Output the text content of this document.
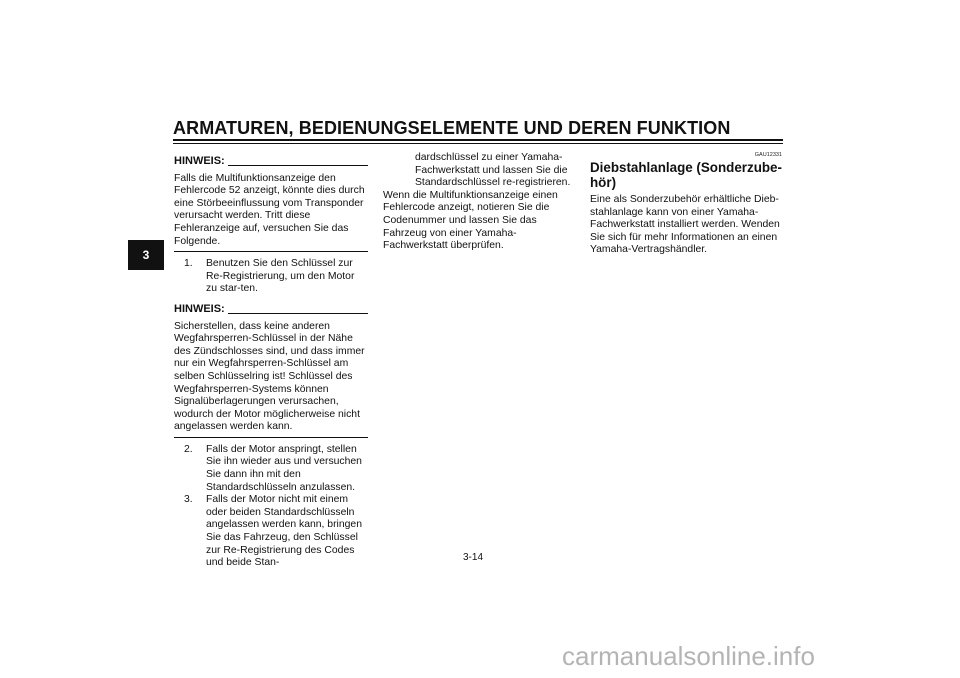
ARMATUREN, BEDIENUNGSELEMENTE UND DEREN FUNKTION
3
HINWEIS:

Falls die Multifunktionsanzeige den Fehlercode 52 anzeigt, könnte dies durch eine Störbeeinflussung vom Transponder verursacht werden. Tritt diese Fehleranzeige auf, versuchen Sie das Folgende.

1.	Benutzen Sie den Schlüssel zur Re-Registrierung, um den Motor zu star-ten.
HINWEIS:

Sicherstellen, dass keine anderen Wegfahrsperren-Schlüssel in der Nähe des Zündschlosses sind, und dass immer nur ein Wegfahrsperren-Schlüssel am selben Schlüsselring ist! Schlüssel des Wegfahrsperren-Systems können Signalüberlagerungen verursachen, wodurch der Motor möglicherweise nicht angelassen werden kann.

2.	Falls der Motor anspringt, stellen Sie ihn wieder aus und versuchen Sie dann ihn mit den Standardschlüsseln anzulassen.
3.	Falls der Motor nicht mit einem oder beiden Standardschlüsseln angelassen werden kann, bringen Sie das Fahrzeug, den Schlüssel zur Re-Registrierung des Codes und beide Stan-

dardschlüssel zu einer Yamaha-Fachwerkstatt und lassen Sie die Standardschlüssel re-registrieren.

Wenn die Multifunktionsanzeige einen Fehlercode anzeigt, notieren Sie die Codenummer und lassen Sie das Fahrzeug von einer Yamaha-Fachwerkstatt überprüfen.

GAU12331
Diebstahlanlage (Sonderzubehör)

Eine als Sonderzubehör erhältliche Diebstahlanlage kann von einer Yamaha-Fachwerkstatt installiert werden. Wenden Sie sich für mehr Informationen an einen Yamaha-Vertragshändler.

3-14
carmanualsonline.info
